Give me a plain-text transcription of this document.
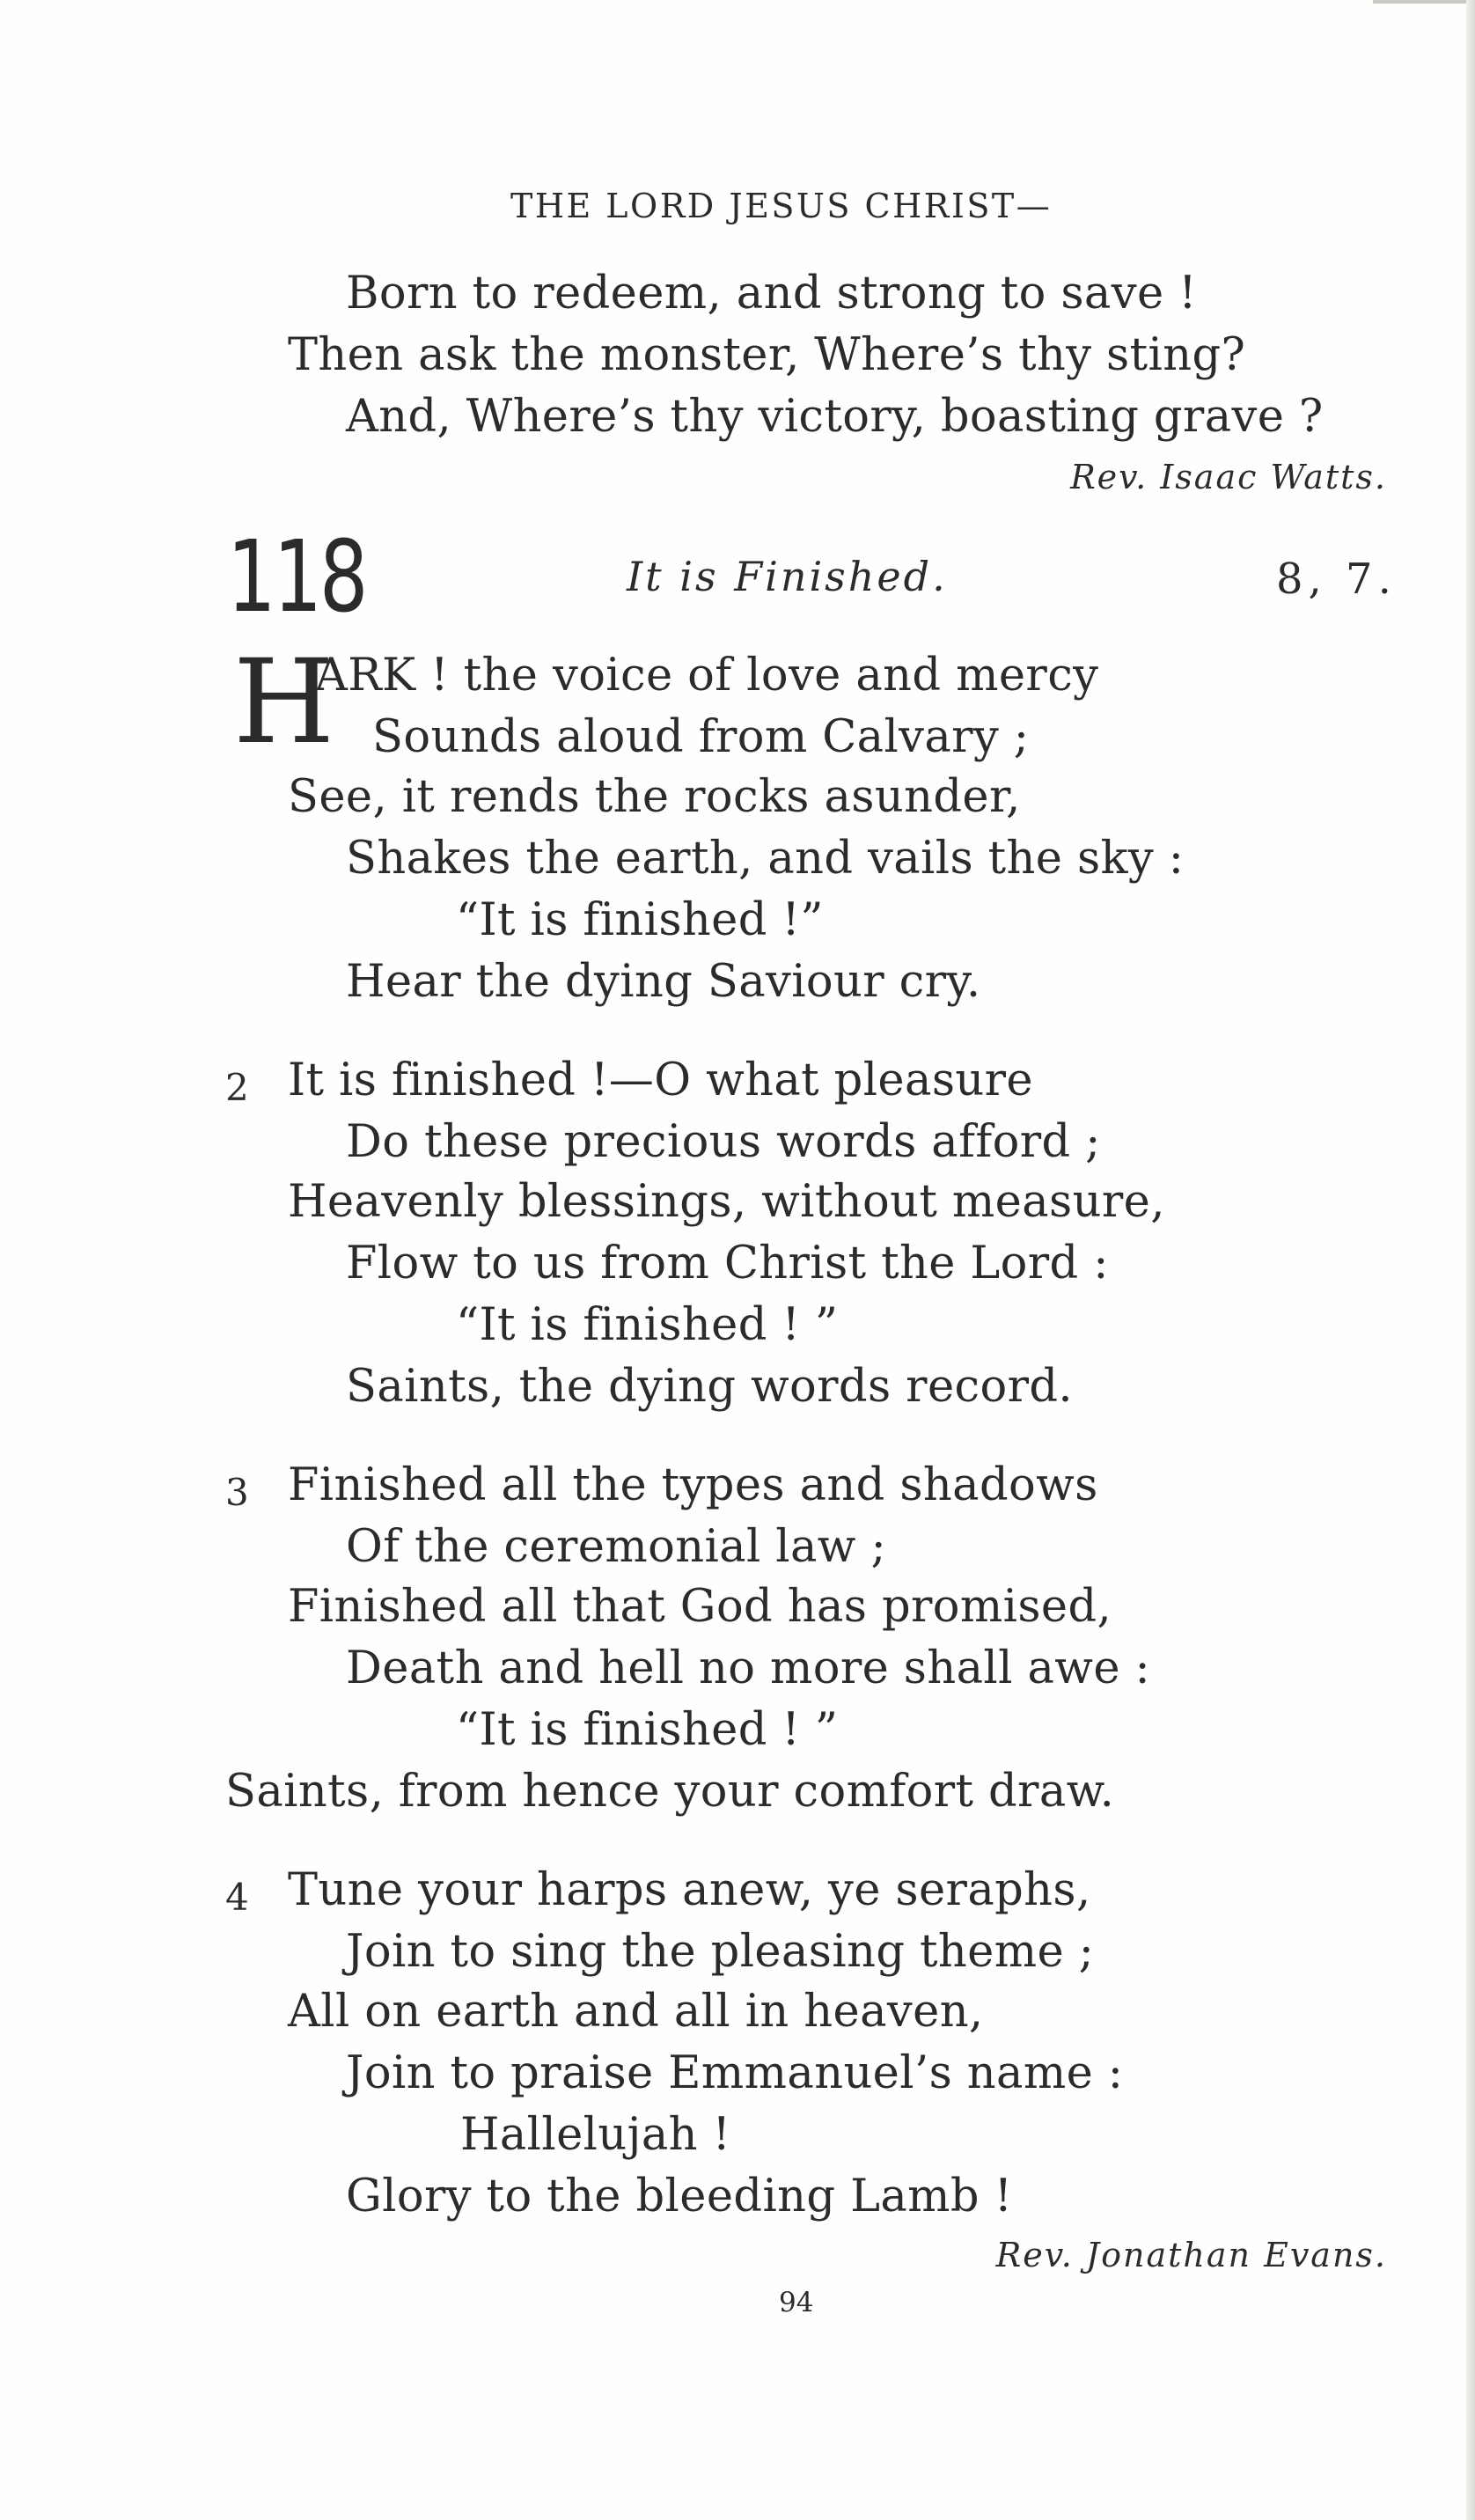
THE LORD JESUS CHRIST—
Born to redeem, and strong to save !
Then ask the monster, Where’s thy sting?
And, Where’s thy victory, boasting grave ?
Rev. Isaac Watts.
118	It is Finished.	8, 7.
H
ARK ! the voice of love and mercy
Sounds aloud from Calvary ;
See, it rends the rocks asunder,
Shakes the earth, and vails the sky :
“It is finished !”
Hear the dying Saviour cry.
2 It is finished !—O what pleasure
Do these precious words afford ;
Heavenly blessings, without measure,
Flow to us from Christ the Lord :
“It is finished ! ”
Saints, the dying words record.
3 Finished all the types and shadows
Of the ceremonial law ;
Finished all that God has promised,
Death and hell no more shall awe :
“It is finished ! ”
Saints, from hence your comfort draw.
4 Tune your harps anew, ye seraphs,
Join to sing the pleasing theme ;
All on earth and all in heaven,
Join to praise Emmanuel’s name :
Hallelujah !
Glory to the bleeding Lamb !
Rev. Jonathan Evans.
94
